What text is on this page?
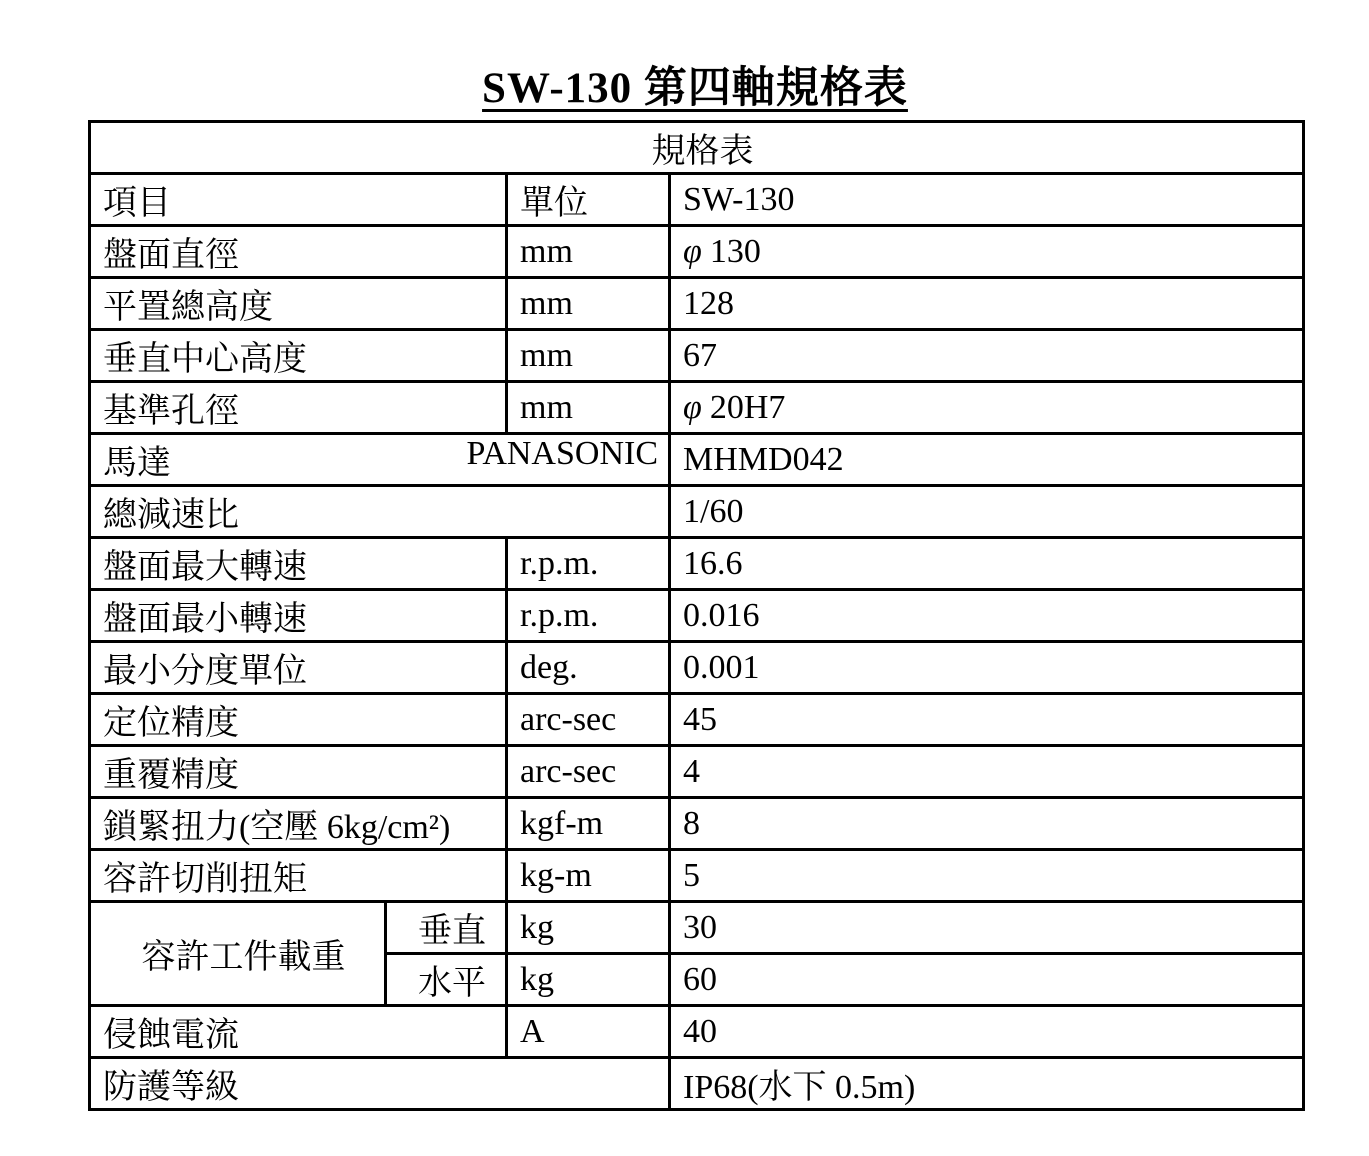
SW-130 第四軸規格表
規格表			
項目		單位	SW-130
盤面直徑		mm	φ 130
平置總高度		mm	128
垂直中心高度		mm	67
基準孔徑		mm	φ 20H7
馬達 PANASONIC			MHMD042
總減速比			1/60
盤面最大轉速		r.p.m.	16.6
盤面最小轉速		r.p.m.	0.016
最小分度單位		deg.	0.001
定位精度		arc-sec	45
重覆精度		arc-sec	4
鎖緊扭力(空壓 6kg/cm²)		kgf-m	8
容許切削扭矩		kg-m	5
容許工件載重	垂直	kg	30
	水平	kg	60
侵蝕電流		A	40
防護等級			IP68(水下 0.5m)
